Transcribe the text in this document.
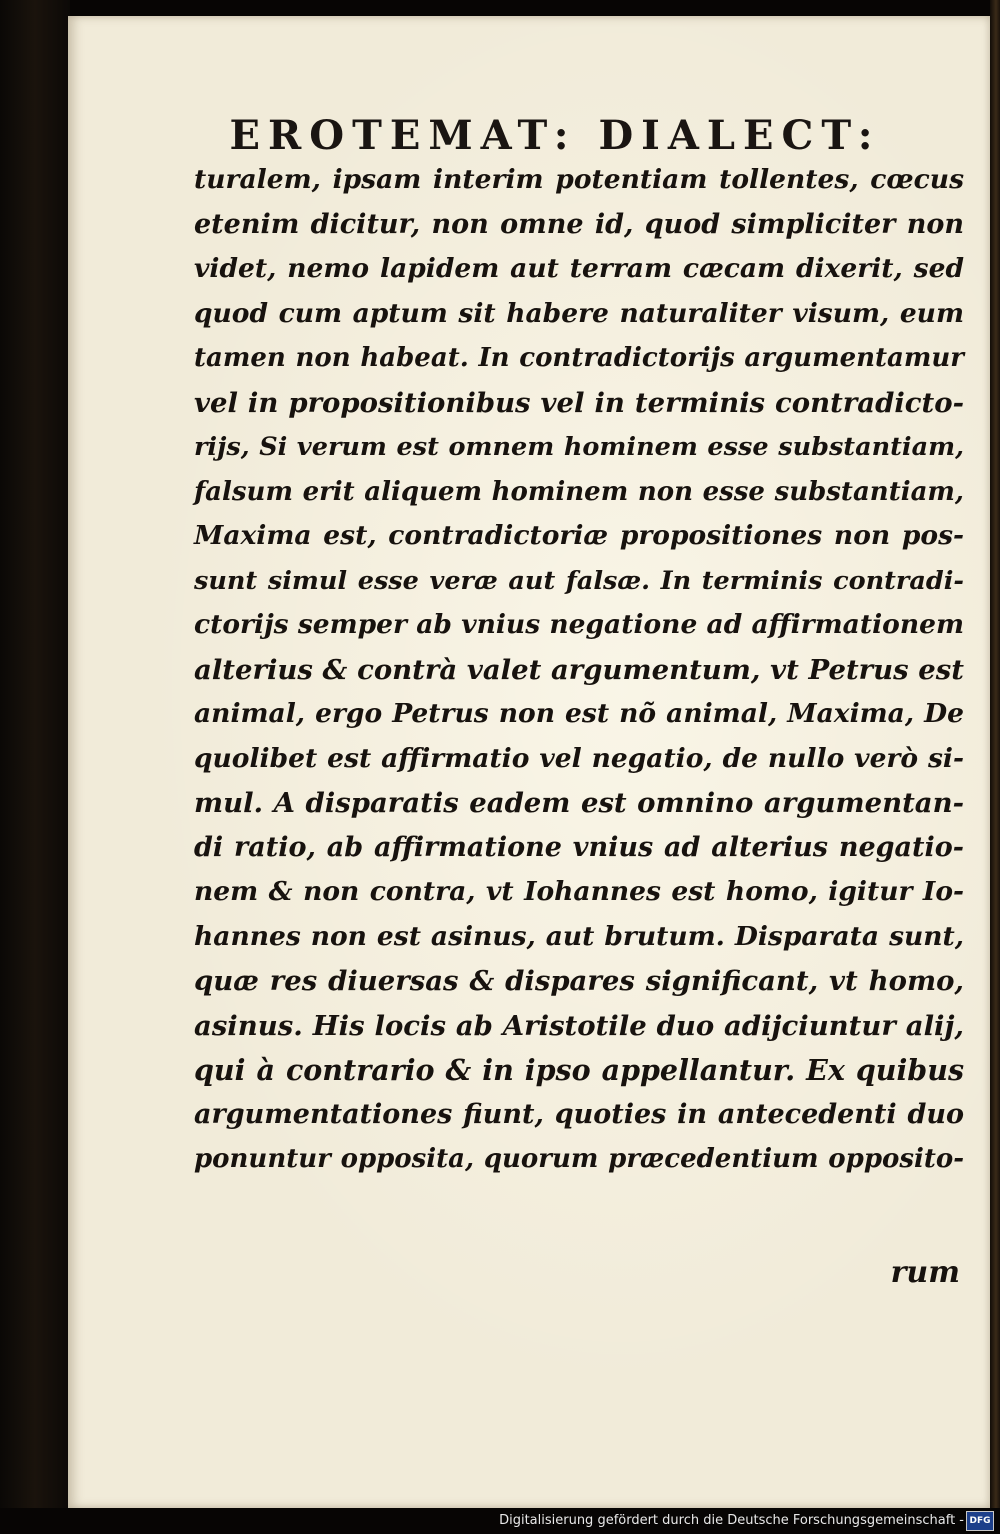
EROTEMAT: DIALECT:
turalem, ipsam interim potentiam tollentes, cœcus
etenim dicitur, non omne id, quod simpliciter non
videt, nemo lapidem aut terram cæcam dixerit, sed
quod cum aptum sit habere naturaliter visum, eum
tamen non habeat. In contradictorijs argumentamur
vel in propositionibus vel in terminis contradicto-
rijs, Si verum est omnem hominem esse substantiam,
falsum erit aliquem hominem non esse substantiam,
Maxima est, contradictoriæ propositiones non pos-
sunt simul esse veræ aut falsæ. In terminis contradi-
ctorijs semper ab vnius negatione ad affirmationem
alterius & contrà valet argumentum, vt Petrus est
animal, ergo Petrus non est nõ animal, Maxima, De
quolibet est affirmatio vel negatio, de nullo verò si-
mul. A disparatis eadem est omnino argumentan-
di ratio, ab affirmatione vnius ad alterius negatio-
nem & non contra, vt Iohannes est homo, igitur Io-
hannes non est asinus, aut brutum. Disparata sunt,
quæ res diuersas & dispares significant, vt homo,
asinus. His locis ab Aristotile duo adijciuntur alij,
qui à contrario & in ipso appellantur. Ex quibus
argumentationes fiunt, quoties in antecedenti duo
ponuntur opposita, quorum præcedentium opposito-
rum
Digitalisierung gefördert durch die Deutsche Forschungsgemeinschaft - DFG
